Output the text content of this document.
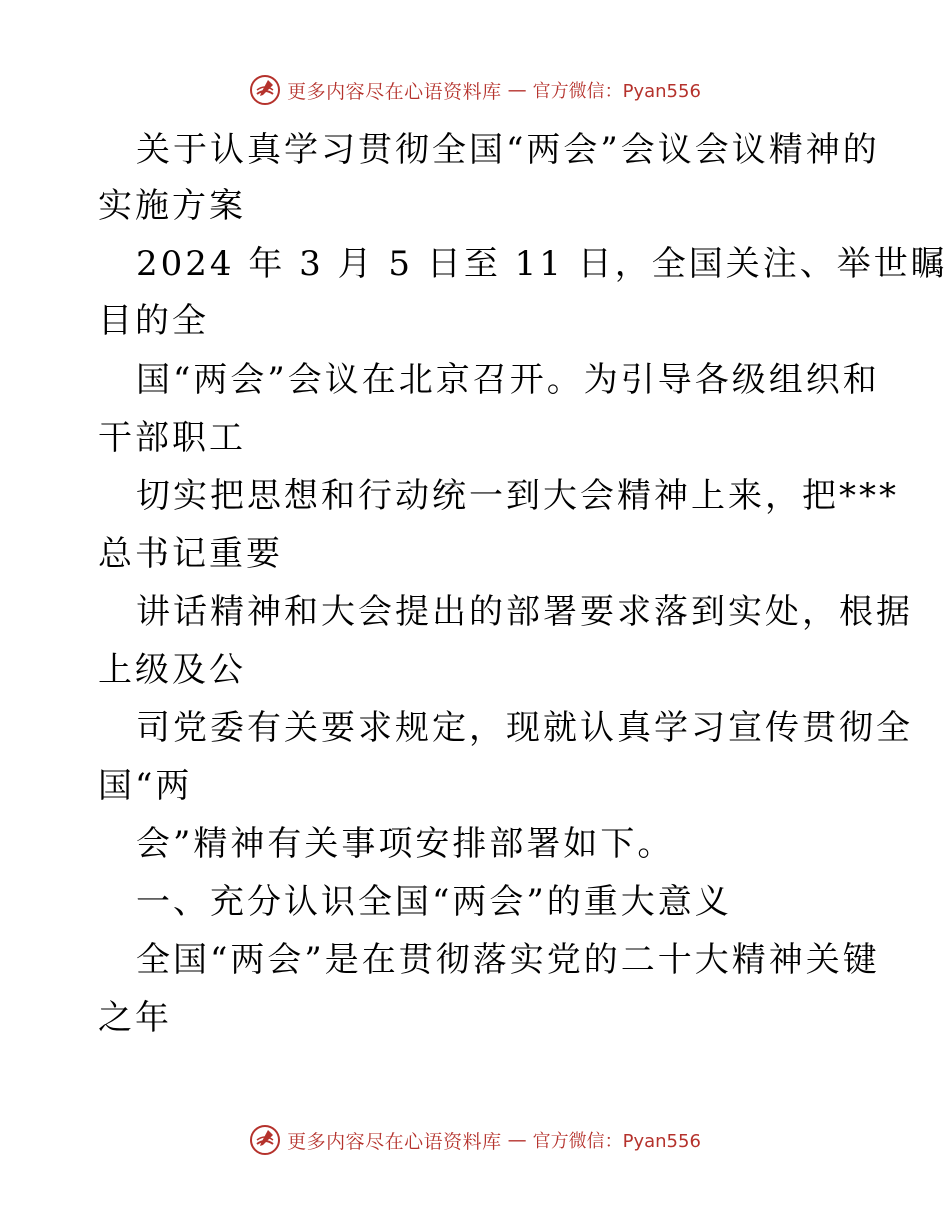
更多内容尽在心语资料库 — 官方微信：Pyan556
关于认真学习贯彻全国“两会”会议会议精神的
实施方案
2024 年 3 月 5 日至 11 日，全国关注、举世瞩
目的全
国“两会”会议在北京召开。为引导各级组织和
干部职工
切实把思想和行动统一到大会精神上来，把***
总书记重要
讲话精神和大会提出的部署要求落到实处，根据
上级及公
司党委有关要求规定，现就认真学习宣传贯彻全
国“两
会”精神有关事项安排部署如下。
一、充分认识全国“两会”的重大意义
全国“两会”是在贯彻落实党的二十大精神关键
之年
更多内容尽在心语资料库 — 官方微信：Pyan556
